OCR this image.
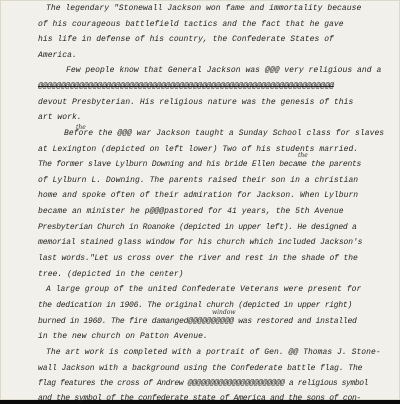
The legendary "Stonewall Jackson won fame and immortality because

of his courageous battlefield tactics and the fact that he gave

his life in defense of his country, the Confederate States of

America.

Few people know that General Jackson was @@@ very religious and a

@@@@@@@@@@@@@@@@@@@@@@@@@@@@@@@@@@@@@@@@@@@@@@@@@@@@@@@@@@@@@@@@@

devout Presbyterian. His religious nature was the genesis of this

art work.

Before the @@@ war Jackson taught a Sunday School class for slaves

at Lexington (depicted on left lower) Two of his students married.

the

The former slave Lylburn Downing and his bride Ellen became the parents

of Lylburn L. Downing. The parents raised their son in a christian

home and spoke often of their admiration for Jackson. When Lylburn

became an minister he p@@@pastored for 41 years, the 5th Avenue

Presbyterian Church in Roanoke (depicted in upper left). He designed a

memorial stained glass window for his church which included Jackson's

last words."Let us cross over the river and rest in the shade of the

tree. (depicted in the center)

A large group of the united Confederate Veterans were present for

the dedication in 1906. The original church (depicted in upper right)

window

burned in 1960. The fire damanged@@@@@@@@@@ was restored and installed

in the new church on Patton Avenue.

The art work is completed with a portrait of Gen. @@ Thomas J. Stone-

wall Jackson with a background using the Confederate battle flag. The

the

flag features the cross of Andrew @@@@@@@@@@@@@@@@@@@@@@ a religious symbol

and the symbol of the confederate state of America and the sons of con-
